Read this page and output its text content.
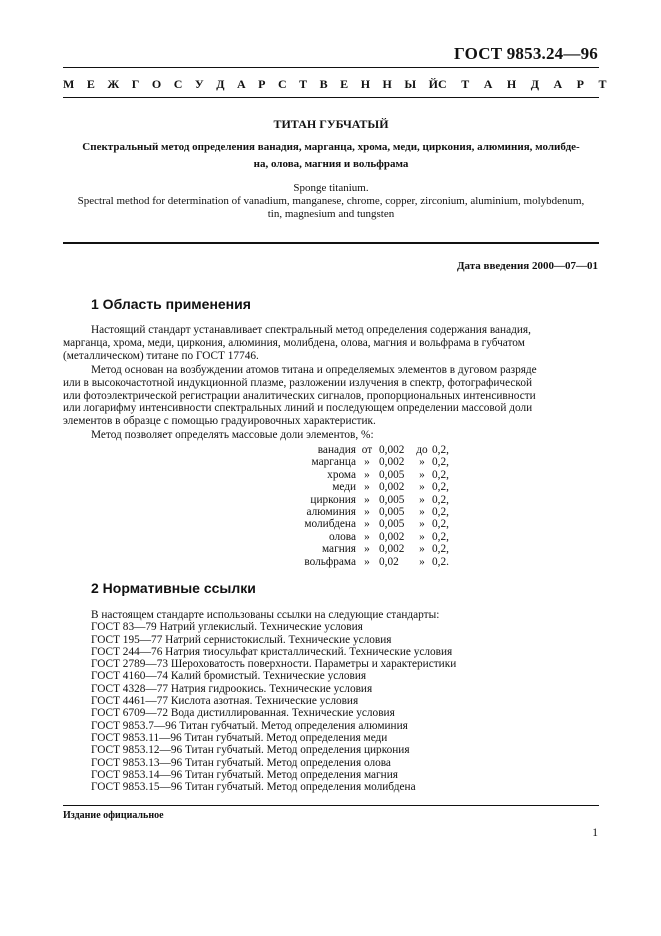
ГОСТ 9853.24—96
М Е Ж Г О С У Д А Р С Т В Е Н Н Ы Й С Т А Н Д А Р Т
ТИТАН ГУБЧАТЫЙ
Спектральный метод определения ванадия, марганца, хрома, меди, циркония, алюминия, молибде-
на, олова, магния и вольфрама
Sponge titanium.
Spectral method for determination of vanadium, manganese, chrome, copper, zirconium, aluminium, molybdenum,
tin, magnesium and tungsten
Дата введения 2000—07—01
1 Область применения
Настоящий стандарт устанавливает спектральный метод определения содержания ванадия,
марганца, хрома, меди, циркония, алюминия, молибдена, олова, магния и вольфрама в губчатом
(металлическом) титане по ГОСТ 17746.
Метод основан на возбуждении атомов титана и определяемых элементов в дуговом разряде
или в высокочастотной индукционной плазме, разложении излучения в спектр, фотографической
или фотоэлектрической регистрации аналитических сигналов, пропорциональных интенсивности
или логарифму интенсивности спектральных линий и последующем определении массовой доли
элементов в образце с помощью градуировочных характеристик.
Метод позволяет определять массовые доли элементов, %:
ванадия от 0,002 до 0,2,
марганца » 0,002	» 0,2,
хрома » 0,005	» 0,2,
меди » 0,002	» 0,2,
циркония » 0,005	» 0,2,
алюминия » 0,005	» 0,2,
молибдена » 0,005	» 0,2,
олова » 0,002	» 0,2,
магния » 0,002	» 0,2,
вольфрама » 0,02	» 0,2.
2 Нормативные ссылки
В настоящем стандарте использованы ссылки на следующие стандарты:
ГОСТ 83—79 Натрий углекислый. Технические условия
ГОСТ 195—77 Натрий сернистокислый. Технические условия
ГОСТ 244—76 Натрия тиосульфат кристаллический. Технические условия
ГОСТ 2789—73 Шероховатость поверхности. Параметры и характеристики
ГОСТ 4160—74 Калий бромистый. Технические условия
ГОСТ 4328—77 Натрия гидроокись. Технические условия
ГОСТ 4461—77 Кислота азотная. Технические условия
ГОСТ 6709—72 Вода дистиллированная. Технические условия
ГОСТ 9853.7—96 Титан губчатый. Метод определения алюминия
ГОСТ 9853.11—96 Титан губчатый. Метод определения меди
ГОСТ 9853.12—96 Титан губчатый. Метод определения циркония
ГОСТ 9853.13—96 Титан губчатый. Метод определения олова
ГОСТ 9853.14—96 Титан губчатый. Метод определения магния
ГОСТ 9853.15—96 Титан губчатый. Метод определения молибдена
Издание официальное
1
